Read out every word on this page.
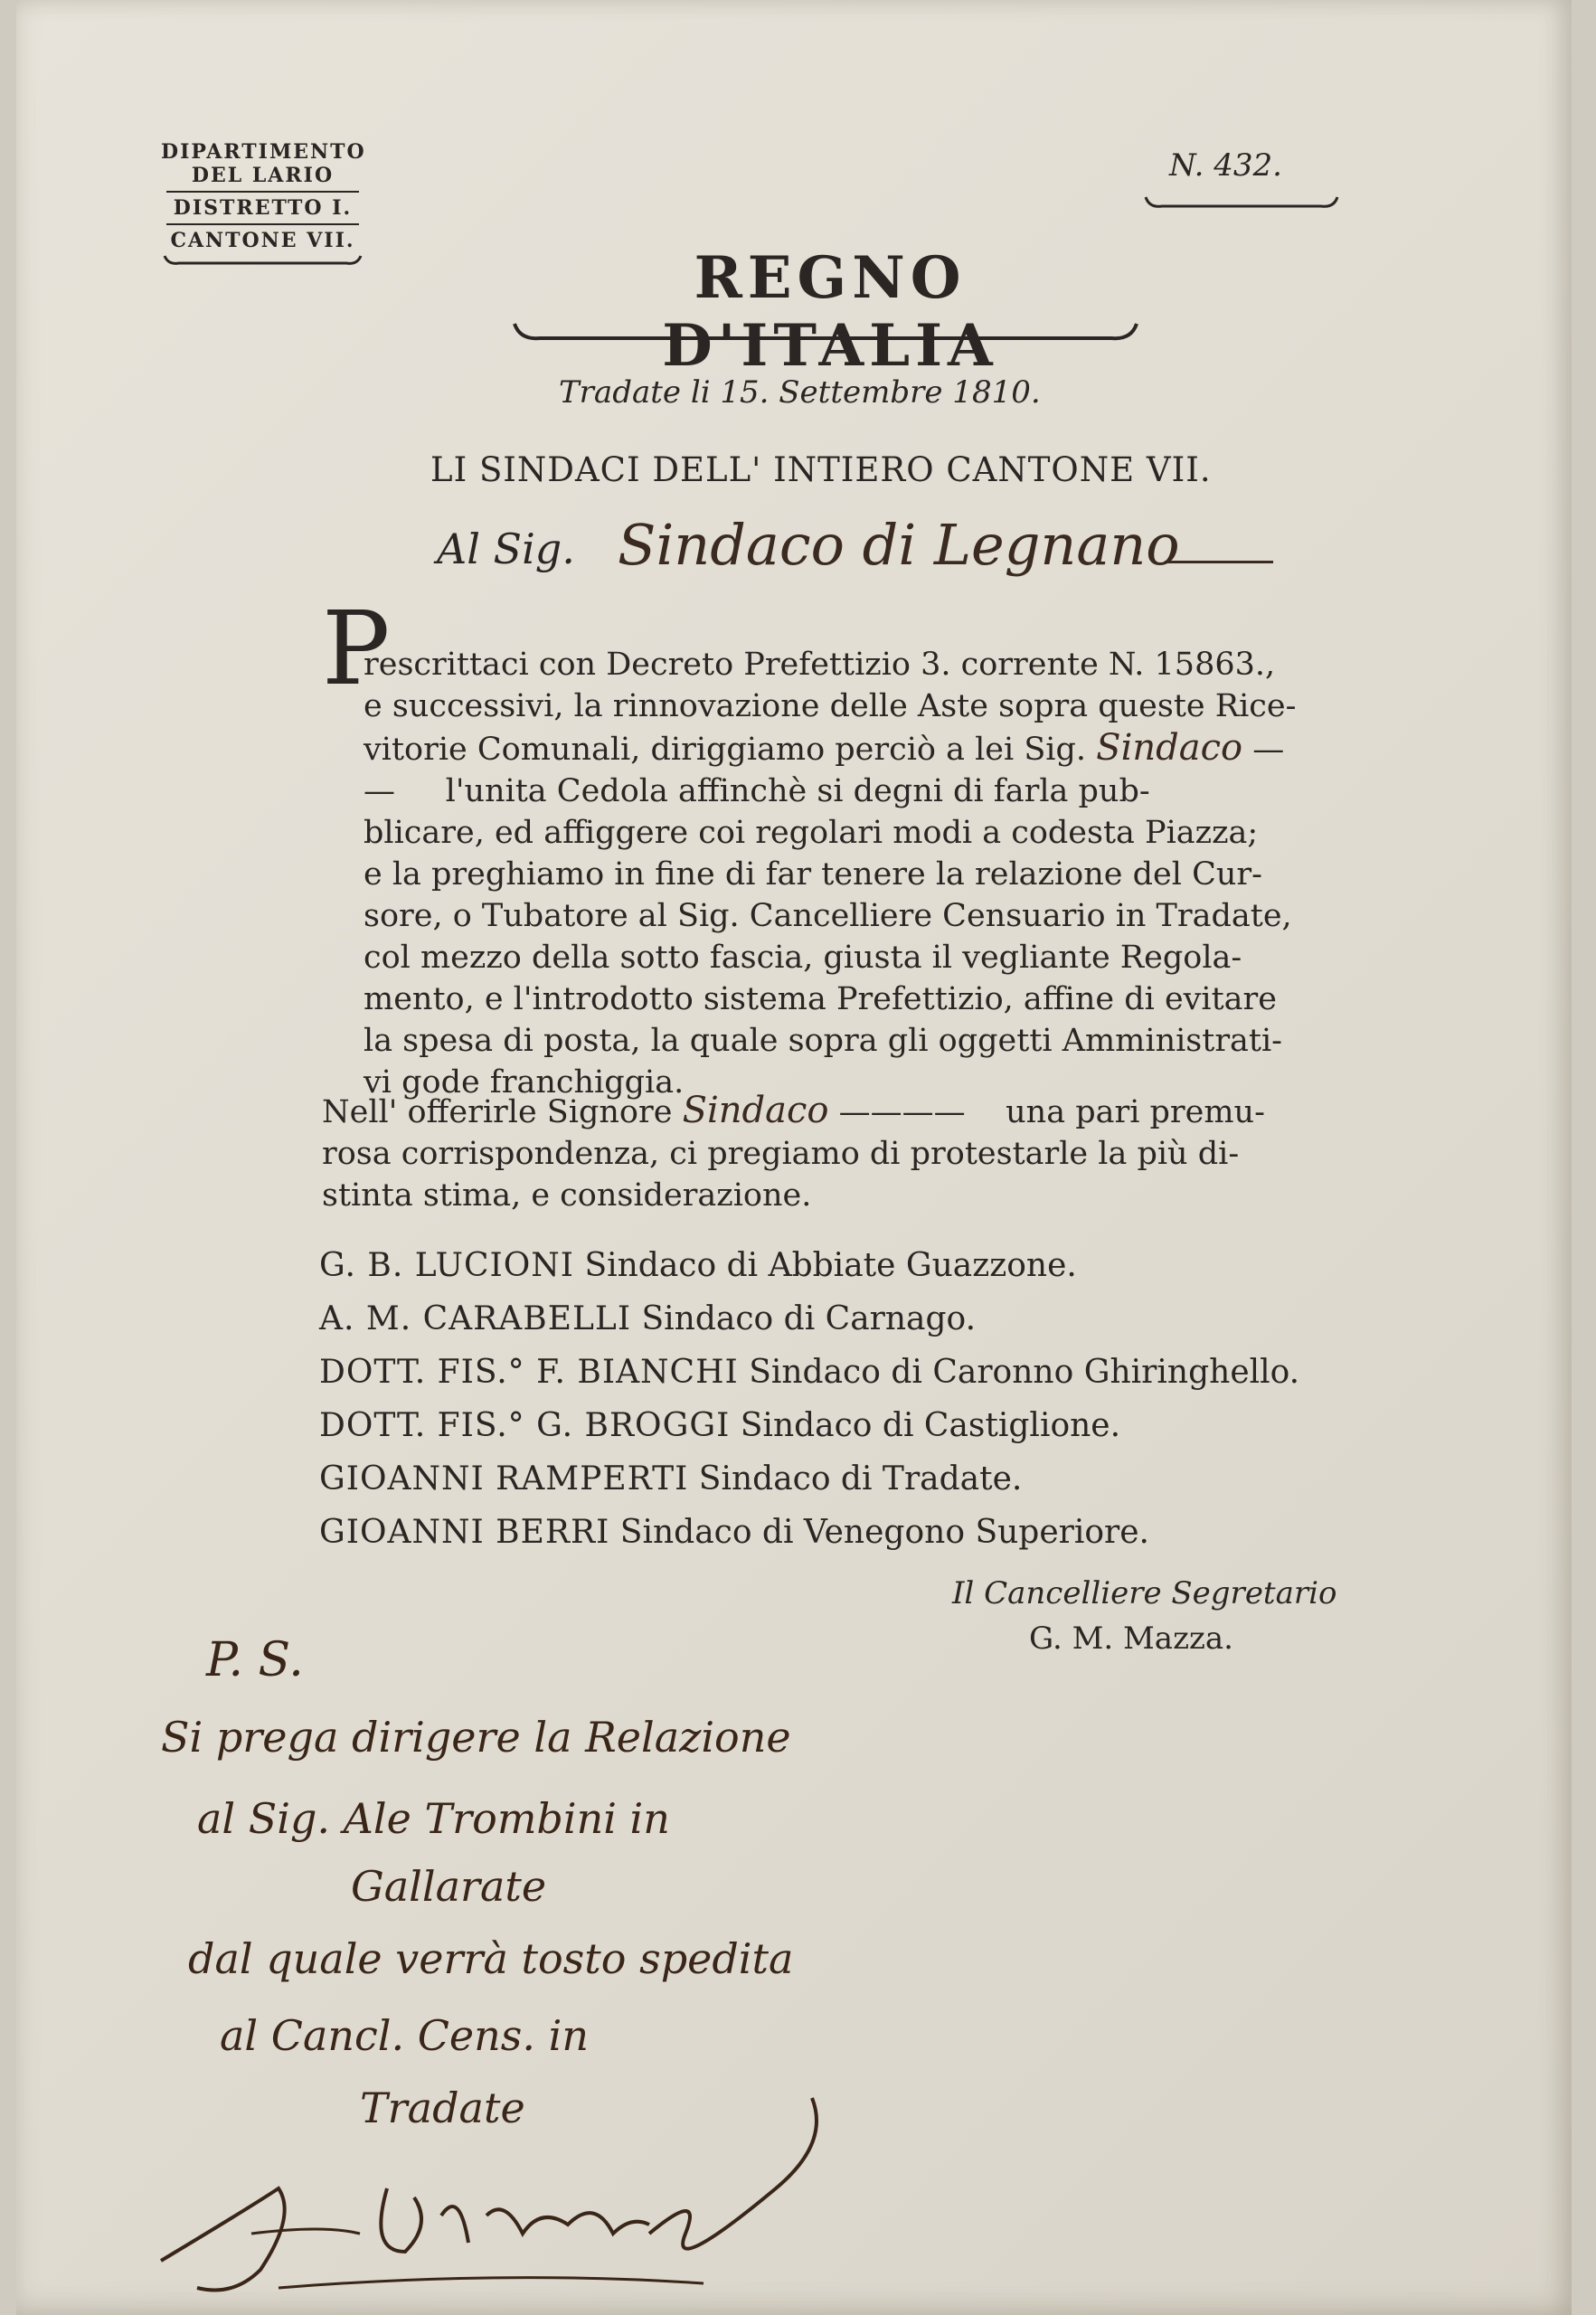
DIPARTIMENTO
DEL LARIO
DISTRETTO I.
CANTONE VII.
N. 432.
REGNO D'ITALIA
Tradate li 15. Settembre 1810.
LI SINDACI DELL' INTIERO CANTONE VII.
Al Sig. Sindaco di Legnano
P
rescrittaci con Decreto Prefettizio 3. corrente N. 15863.,
e successivi, la rinnovazione delle Aste sopra queste Rice-
vitorie Comunali, diriggiamo perciò a lei Sig. Sindaco —
—     l'unita Cedola affinchè si degni di farla pub-
blicare, ed affiggere coi regolari modi a codesta Piazza;
e la preghiamo in fine di far tenere la relazione del Cur-
sore, o Tubatore al Sig. Cancelliere Censuario in Tradate,
col mezzo della sotto fascia, giusta il vegliante Regola-
mento, e l'introdotto sistema Prefettizio, affine di evitare
la spesa di posta, la quale sopra gli oggetti Amministrati-
vi gode franchiggia.
Nell' offerirle Signore Sindaco ————    una pari premu-
rosa corrispondenza, ci pregiamo di protestarle la più di-
stinta stima, e considerazione.
G. B. LUCIONI Sindaco di Abbiate Guazzone.
A. M. CARABELLI Sindaco di Carnago.
DOTT. FIS.° F. BIANCHI Sindaco di Caronno Ghiringhello.
DOTT. FIS.° G. BROGGI Sindaco di Castiglione.
GIOANNI RAMPERTI Sindaco di Tradate.
GIOANNI BERRI Sindaco di Venegono Superiore.
Il Cancelliere Segretario
G. M. Mazza.
P. S.
Si prega dirigere la Relazione
al Sig. Ale Trombini in
Gallarate
dal quale verrà tosto spedita
al Cancl. Cens. in
Tradate
